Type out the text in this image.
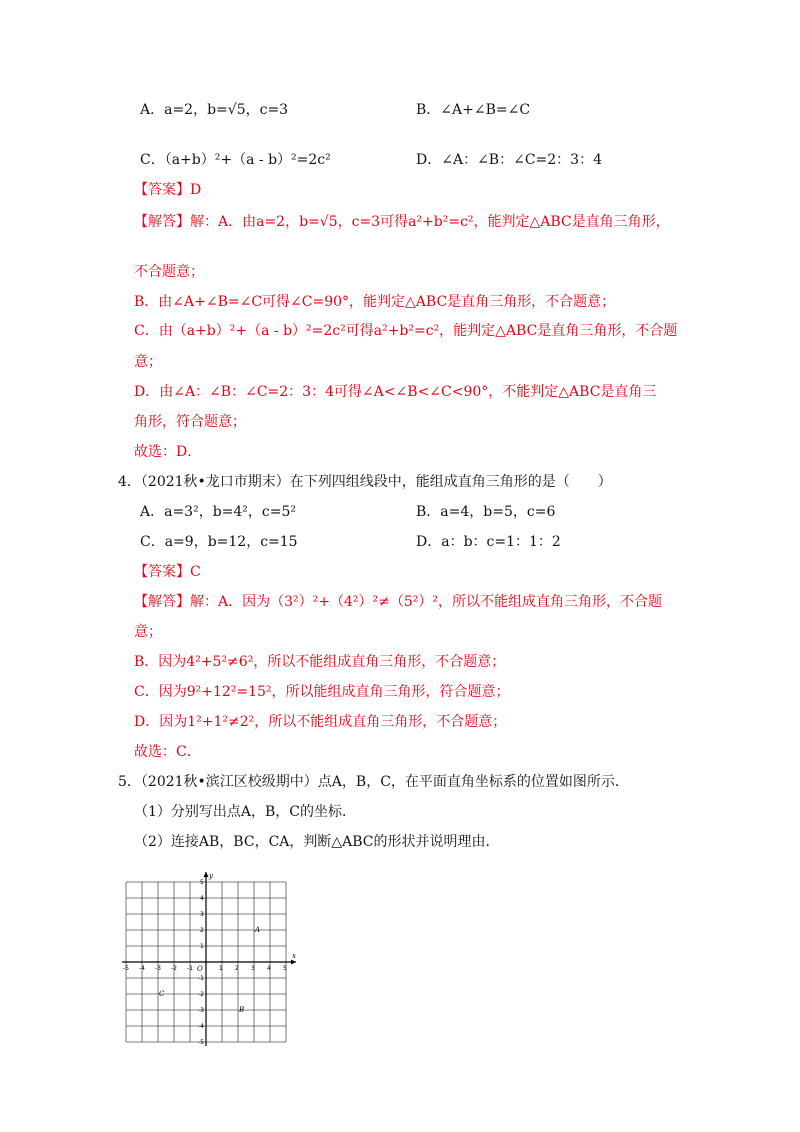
A．a=2，b=√5，c=3	B．∠A+∠B=∠C
C．（a+b）²+（a - b）²=2c²	D．∠A：∠B：∠C=2：3：4
【答案】D
【解答】解：A．由a=2，b=√5，c=3可得a²+b²=c²，能判定△ABC是直角三角形，
不合题意；
B．由∠A+∠B=∠C可得∠C=90°，能判定△ABC是直角三角形，不合题意；
C．由（a+b）²+（a - b）²=2c²可得a²+b²=c²，能判定△ABC是直角三角形，不合题
意；
D．由∠A：∠B：∠C=2：3：4可得∠A<∠B<∠C<90°，不能判定△ABC是直角三
角形，符合题意；
故选：D．
4．（2021秋•龙口市期末）在下列四组线段中，能组成直角三角形的是（　　）
A．a=3²，b=4²，c=5²	B．a=4，b=5，c=6
C．a=9，b=12，c=15	D．a：b：c=1：1：2
【答案】C
【解答】解：A．因为（3²）²+（4²）²≠（5²）²，所以不能组成直角三角形，不合题
意；
B．因为4²+5²≠6²，所以不能组成直角三角形，不合题意；
C．因为9²+12²=15²，所以能组成直角三角形，符合题意；
D．因为1²+1²≠2²，所以不能组成直角三角形，不合题意；
故选：C．
5．（2021秋•滨江区校级期中）点A，B，C，在平面直角坐标系的位置如图所示．
（1）分别写出点A，B，C的坐标．
（2）连接AB，BC，CA，判断△ABC的形状并说明理由．
x
y
O
-5 -4 -3 -2 -1	1 2 3 4 5
5
4
3
2
1
-1
-2
-3
-4
-5
A
B
C
